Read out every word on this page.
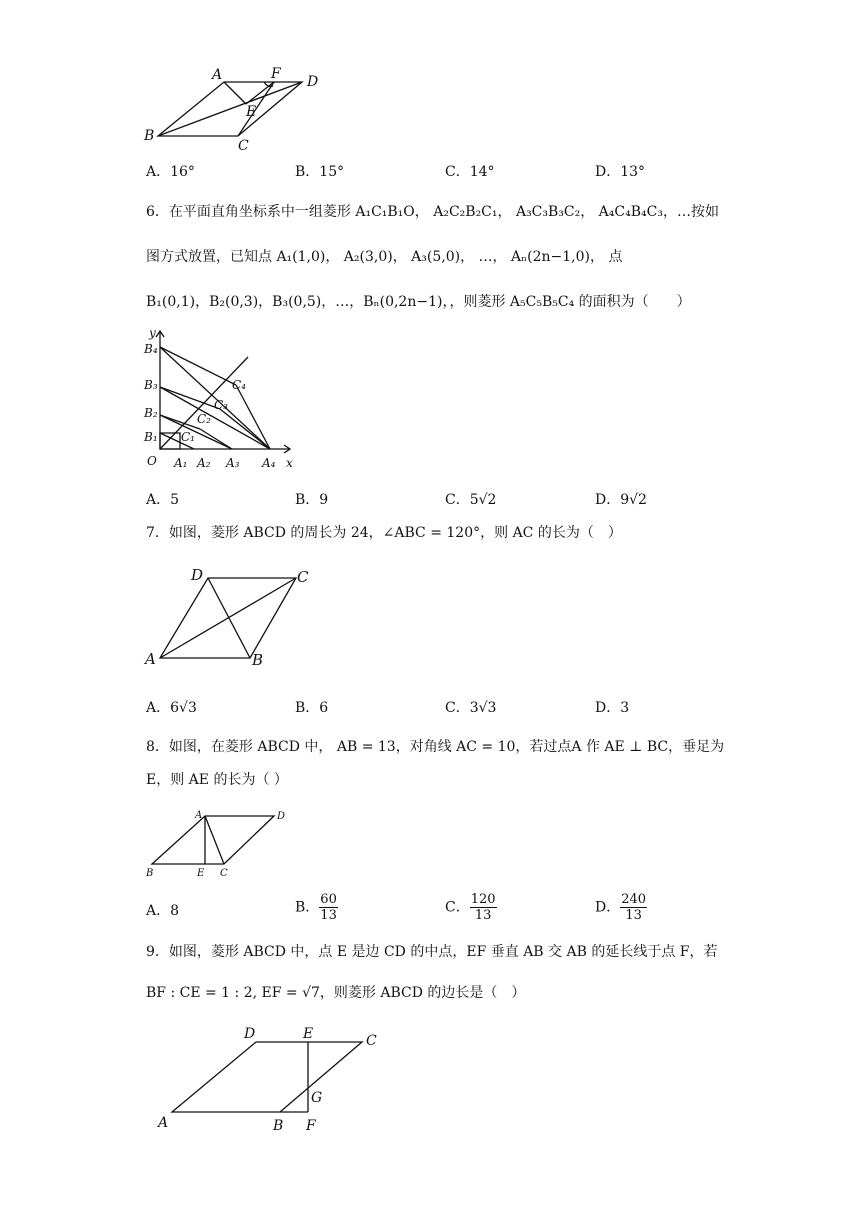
A	F D
E
B
C
A．16°	B．15°	C．14°	D．13°
6．在平面直角坐标系中一组菱形 A₁C₁B₁O， A₂C₂B₂C₁， A₃C₃B₃C₂， A₄C₄B₄C₃，…按如
图方式放置，已知点 A₁(1,0)， A₂(3,0)， A₃(5,0)， …， Aₙ(2n−1,0)， 点
B₁(0,1)，B₂(0,3)，B₃(0,5)，…，Bₙ(0,2n−1)，，则菱形 A₅C₅B₅C₄ 的面积为（　　）
y
B₄
B₃
B₂
B₁
O A₁ A₂ A₃ A₄ x
C₁
C₂
C₃
C₄
A．5	B．9	C．5√2	D．9√2
7．如图，菱形 ABCD 的周长为 24，∠ABC = 120°，则 AC 的长为（　）
D	C
A	B
A．6√3	B．6	C．3√3	D．3
8．如图，在菱形 ABCD 中， AB = 13，对角线 AC = 10，若过点A 作 AE ⊥ BC，垂足为
E，则 AE 的长为（ ）
A	D
B	E C
A．8	B． $\frac{60}{13}$	C． $\frac{120}{13}$	D． $\frac{240}{13}$
9．如图，菱形 ABCD 中，点 E 是边 CD 的中点，EF 垂直 AB 交 AB 的延长线于点 F，若
BF : CE = 1 : 2, EF = √7，则菱形 ABCD 的边长是（　）
D	E	C
G
A	B F
